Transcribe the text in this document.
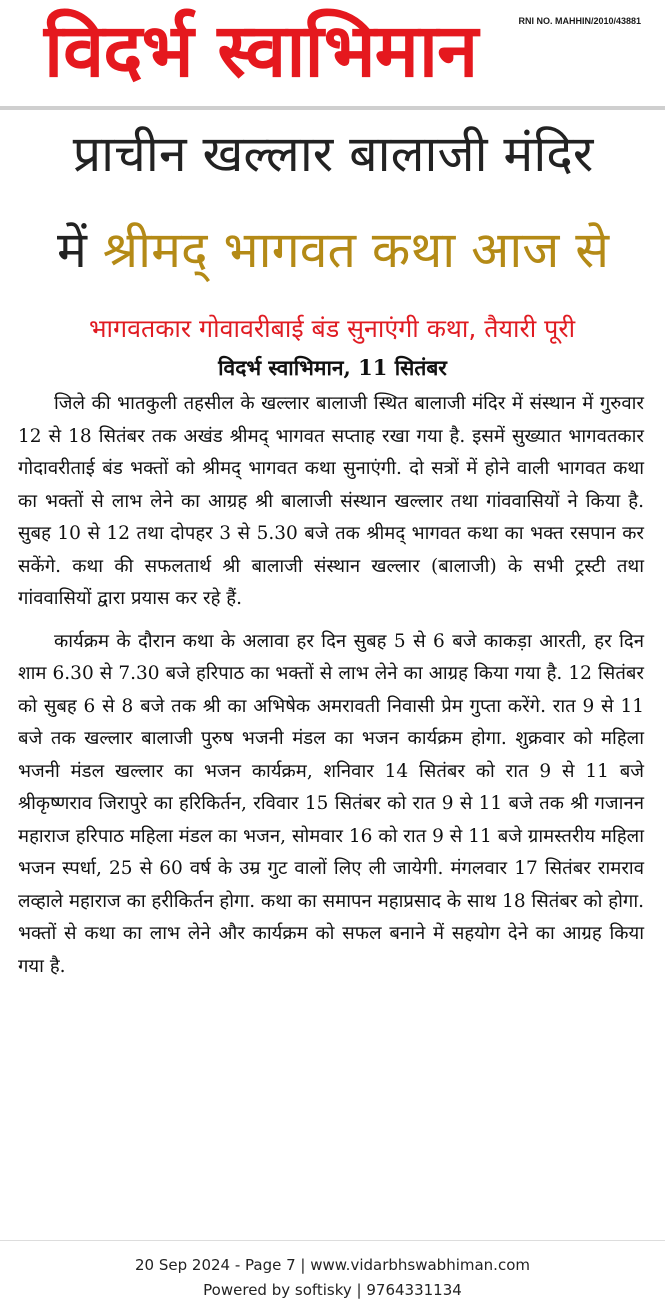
विदर्भ स्वाभिमान	RNI NO. MAHHIN/2010/43881
प्राचीन खल्लार बालाजी मंदिर
में श्रीमद् भागवत कथा आज से
भागवतकार गोवावरीबाई बंड सुनाएंगी कथा, तैयारी पूरी
विदर्भ स्वाभिमान, 11 सितंबर

जिले की भातकुली तहसील के खल्लार बालाजी स्थित बालाजी मंदिर में संस्थान में गुरुवार 12 से 18 सितंबर तक अखंड श्रीमद् भागवत सप्ताह रखा गया है. इसमें सुख्यात भागवतकार गोदावरीताई बंड भक्तों को श्रीमद् भागवत कथा सुनाएंगी. दो सत्रों में होने वाली भागवत कथा का भक्तों से लाभ लेने का आग्रह श्री बालाजी संस्थान खल्लार तथा गांववासियों ने किया है. सुबह 10 से 12 तथा दोपहर 3 से 5.30 बजे तक श्रीमद् भागवत कथा का भक्त रसपान कर सकेंगे. कथा की सफलतार्थ श्री बालाजी संस्थान खल्लार (बालाजी) के सभी ट्रस्टी तथा गांववासियों द्वारा प्रयास कर रहे हैं.

कार्यक्रम के दौरान कथा के अलावा हर दिन सुबह 5 से 6 बजे काकड़ा आरती, हर दिन शाम 6.30 से 7.30 बजे हरिपाठ का भक्तों से लाभ लेने का आग्रह किया गया है. 12 सितंबर को सुबह 6 से 8 बजे तक श्री का अभिषेक अमरावती निवासी प्रेम गुप्ता करेंगे. रात 9 से 11 बजे तक खल्लार बालाजी पुरुष भजनी मंडल का भजन कार्यक्रम होगा. शुक्रवार को महिला भजनी मंडल खल्लार का भजन कार्यक्रम, शनिवार 14 सितंबर को रात 9 से 11 बजे श्रीकृष्णराव जिरापुरे का हरिकिर्तन, रविवार 15 सितंबर को रात 9 से 11 बजे तक श्री गजानन महाराज हरिपाठ महिला मंडल का भजन, सोमवार 16 को रात 9 से 11 बजे ग्रामस्तरीय महिला भजन स्पर्धा, 25 से 60 वर्ष के उम्र गुट वालों लिए ली जायेगी. मंगलवार 17 सितंबर रामराव लव्हाले महाराज का हरीकिर्तन होगा. कथा का समापन महाप्रसाद के साथ 18 सितंबर को होगा. भक्तों से कथा का लाभ लेने और कार्यक्रम को सफल बनाने में सहयोग देने का आग्रह किया गया है.

20 Sep 2024 - Page 7 | www.vidarbhswabhiman.com
Powered by softisky | 9764331134
